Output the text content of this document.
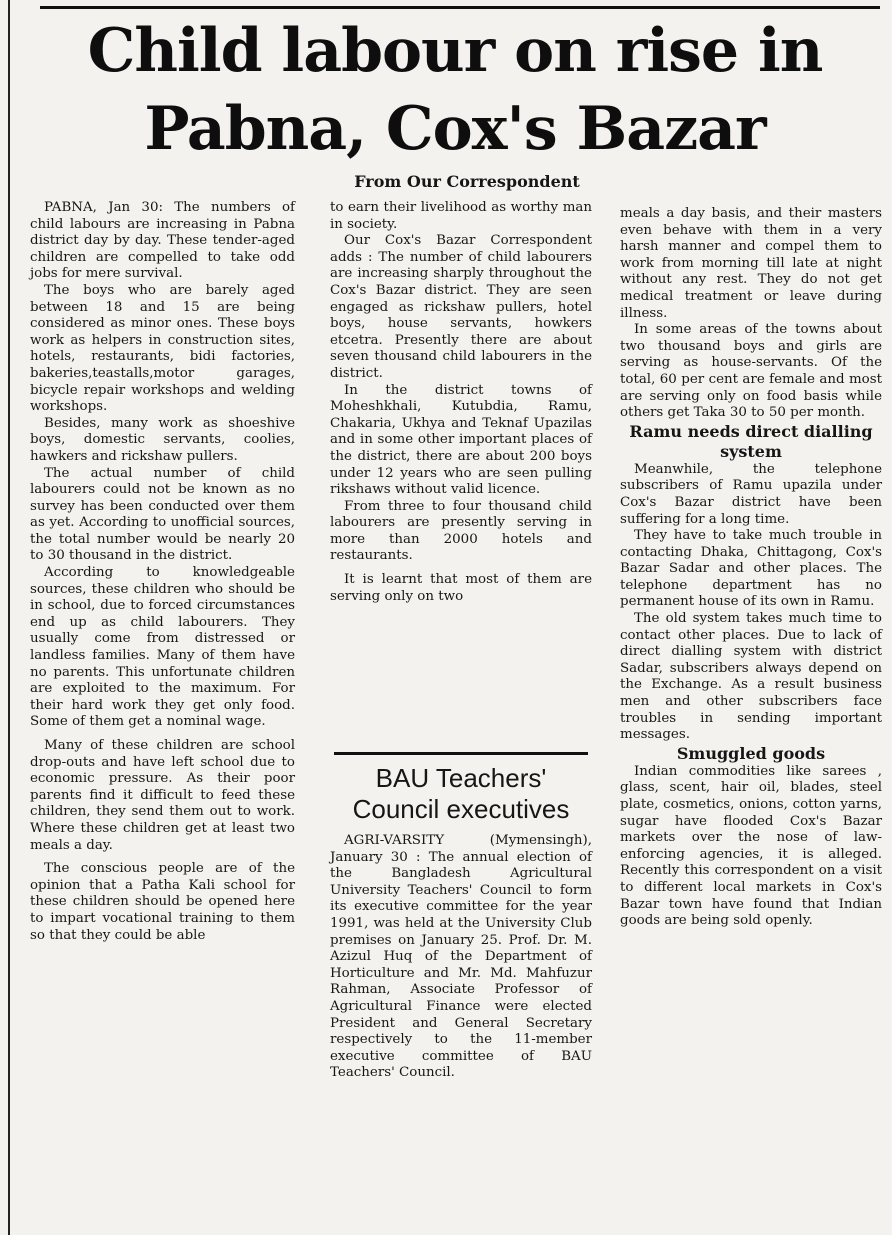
Child labour on rise in Pabna, Cox's Bazar

From Our Correspondent

PABNA, Jan 30: The numbers of child labours are increasing in Pabna district day by day. These tender-aged children are compelled to take odd jobs for mere survival.

The boys who are barely aged between 18 and 15 are being considered as minor ones. These boys work as helpers in construction sites, hotels, restaurants, bidi factories, bakeries,teastalls,motor garages, bicycle repair workshops and welding workshops.

Besides, many work as shoeshive boys, domestic servants, coolies, hawkers and rickshaw pullers.

The actual number of child labourers could not be known as no survey has been conducted over them as yet. According to unofficial sources, the total number would be nearly 20 to 30 thousand in the district.

According to knowledgeable sources, these children who should be in school, due to forced circumstances end up as child labourers. They usually come from distressed or landless families. Many of them have no parents. This unfortunate children are exploited to the maximum. For their hard work they get only food. Some of them get a nominal wage.

Many of these children are school drop-outs and have left school due to economic pressure. As their poor parents find it difficult to feed these children, they send them out to work. Where these children get at least two meals a day.

The conscious people are of the opinion that a Patha Kali school for these children should be opened here to impart vocational training to them so that they could be able

to earn their livelihood as worthy man in society.

Our Cox's Bazar Correspondent adds : The number of child labourers are increasing sharply throughout the Cox's Bazar district. They are seen engaged as rickshaw pullers, hotel boys, house servants, howkers etcetra. Presently there are about seven thousand child labourers in the district.

In the district towns of Moheshkhali, Kutubdia, Ramu, Chakaria, Ukhya and Teknaf Upazilas and in some other important places of the district, there are about 200 boys under 12 years who are seen pulling rikshaws without valid licence.

From three to four thousand child labourers are presently serving in more than 2000 hotels and restaurants.

It is learnt that most of them are serving only on two

BAU Teachers' Council executives

AGRI-VARSITY (Mymensingh), January 30 : The annual election of the Bangladesh Agricultural University Teachers' Council to form its executive committee for the year 1991, was held at the University Club premises on January 25. Prof. Dr. M. Azizul Huq of the Department of Horticulture and Mr. Md. Mahfuzur Rahman, Associate Professor of Agricultural Finance were elected President and General Secretary respectively to the 11-member executive committee of BAU Teachers' Council.

meals a day basis, and their masters even behave with them in a very harsh manner and compel them to work from morning till late at night without any rest. They do not get medical treatment or leave during illness.

In some areas of the towns about two thousand boys and girls are serving as house-servants. Of the total, 60 per cent are female and most are serving only on food basis while others get Taka 30 to 50 per month.

Ramu needs direct dialling system

Meanwhile, the telephone subscribers of Ramu upazila under Cox's Bazar district have been suffering for a long time.

They have to take much trouble in contacting Dhaka, Chittagong, Cox's Bazar Sadar and other places. The telephone department has no permanent house of its own in Ramu.

The old system takes much time to contact other places. Due to lack of direct dialling system with district Sadar, subscribers always depend on the Exchange. As a result business men and other subscribers face troubles in sending important messages.

Smuggled goods

Indian commodities like sarees , glass, scent, hair oil, blades, steel plate, cosmetics, onions, cotton yarns, sugar have flooded Cox's Bazar markets over the nose of law-enforcing agencies, it is alleged. Recently this correspondent on a visit to different local markets in Cox's Bazar town have found that Indian goods are being sold openly.
